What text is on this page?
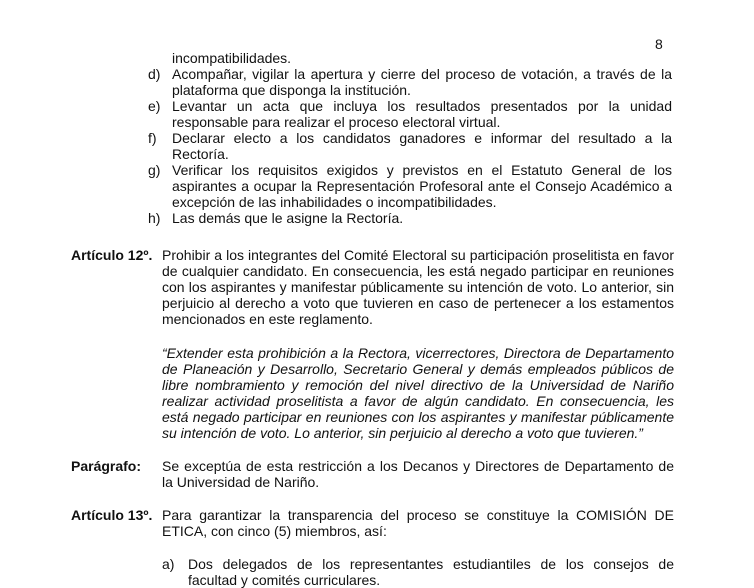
8
incompatibilidades.
d) Acompañar, vigilar la apertura y cierre del proceso de votación, a través de la plataforma que disponga la institución.
e) Levantar un acta que incluya los resultados presentados por la unidad responsable para realizar el proceso electoral virtual.
f)	Declarar electo a los candidatos ganadores e informar del resultado a la Rectoría.
g) Verificar los requisitos exigidos y previstos en el Estatuto General de los aspirantes a ocupar la Representación Profesoral ante el Consejo Académico a excepción de las inhabilidades o incompatibilidades.
h) Las demás que le asigne la Rectoría.
Artículo 12º. Prohibir a los integrantes del Comité Electoral su participación proselitista en favor de cualquier candidato. En consecuencia, les está negado participar en reuniones con los aspirantes y manifestar públicamente su intención de voto. Lo anterior, sin perjuicio al derecho a voto que tuvieren en caso de pertenecer a los estamentos mencionados en este reglamento.
“Extender esta prohibición a la Rectora, vicerrectores, Directora de Departamento de Planeación y Desarrollo, Secretario General y demás empleados públicos de libre nombramiento y remoción del nivel directivo de la Universidad de Nariño realizar actividad proselitista a favor de algún candidato. En consecuencia, les está negado participar en reuniones con los aspirantes y manifestar públicamente su intención de voto. Lo anterior, sin perjuicio al derecho a voto que tuvieren.”
Parágrafo:	Se exceptúa de esta restricción a los Decanos y Directores de Departamento de la Universidad de Nariño.
Artículo 13º. Para garantizar la transparencia del proceso se constituye la COMISIÓN DE ETICA, con cinco (5) miembros, así:
a) Dos delegados de los representantes estudiantiles de los consejos de facultad y comités curriculares.
